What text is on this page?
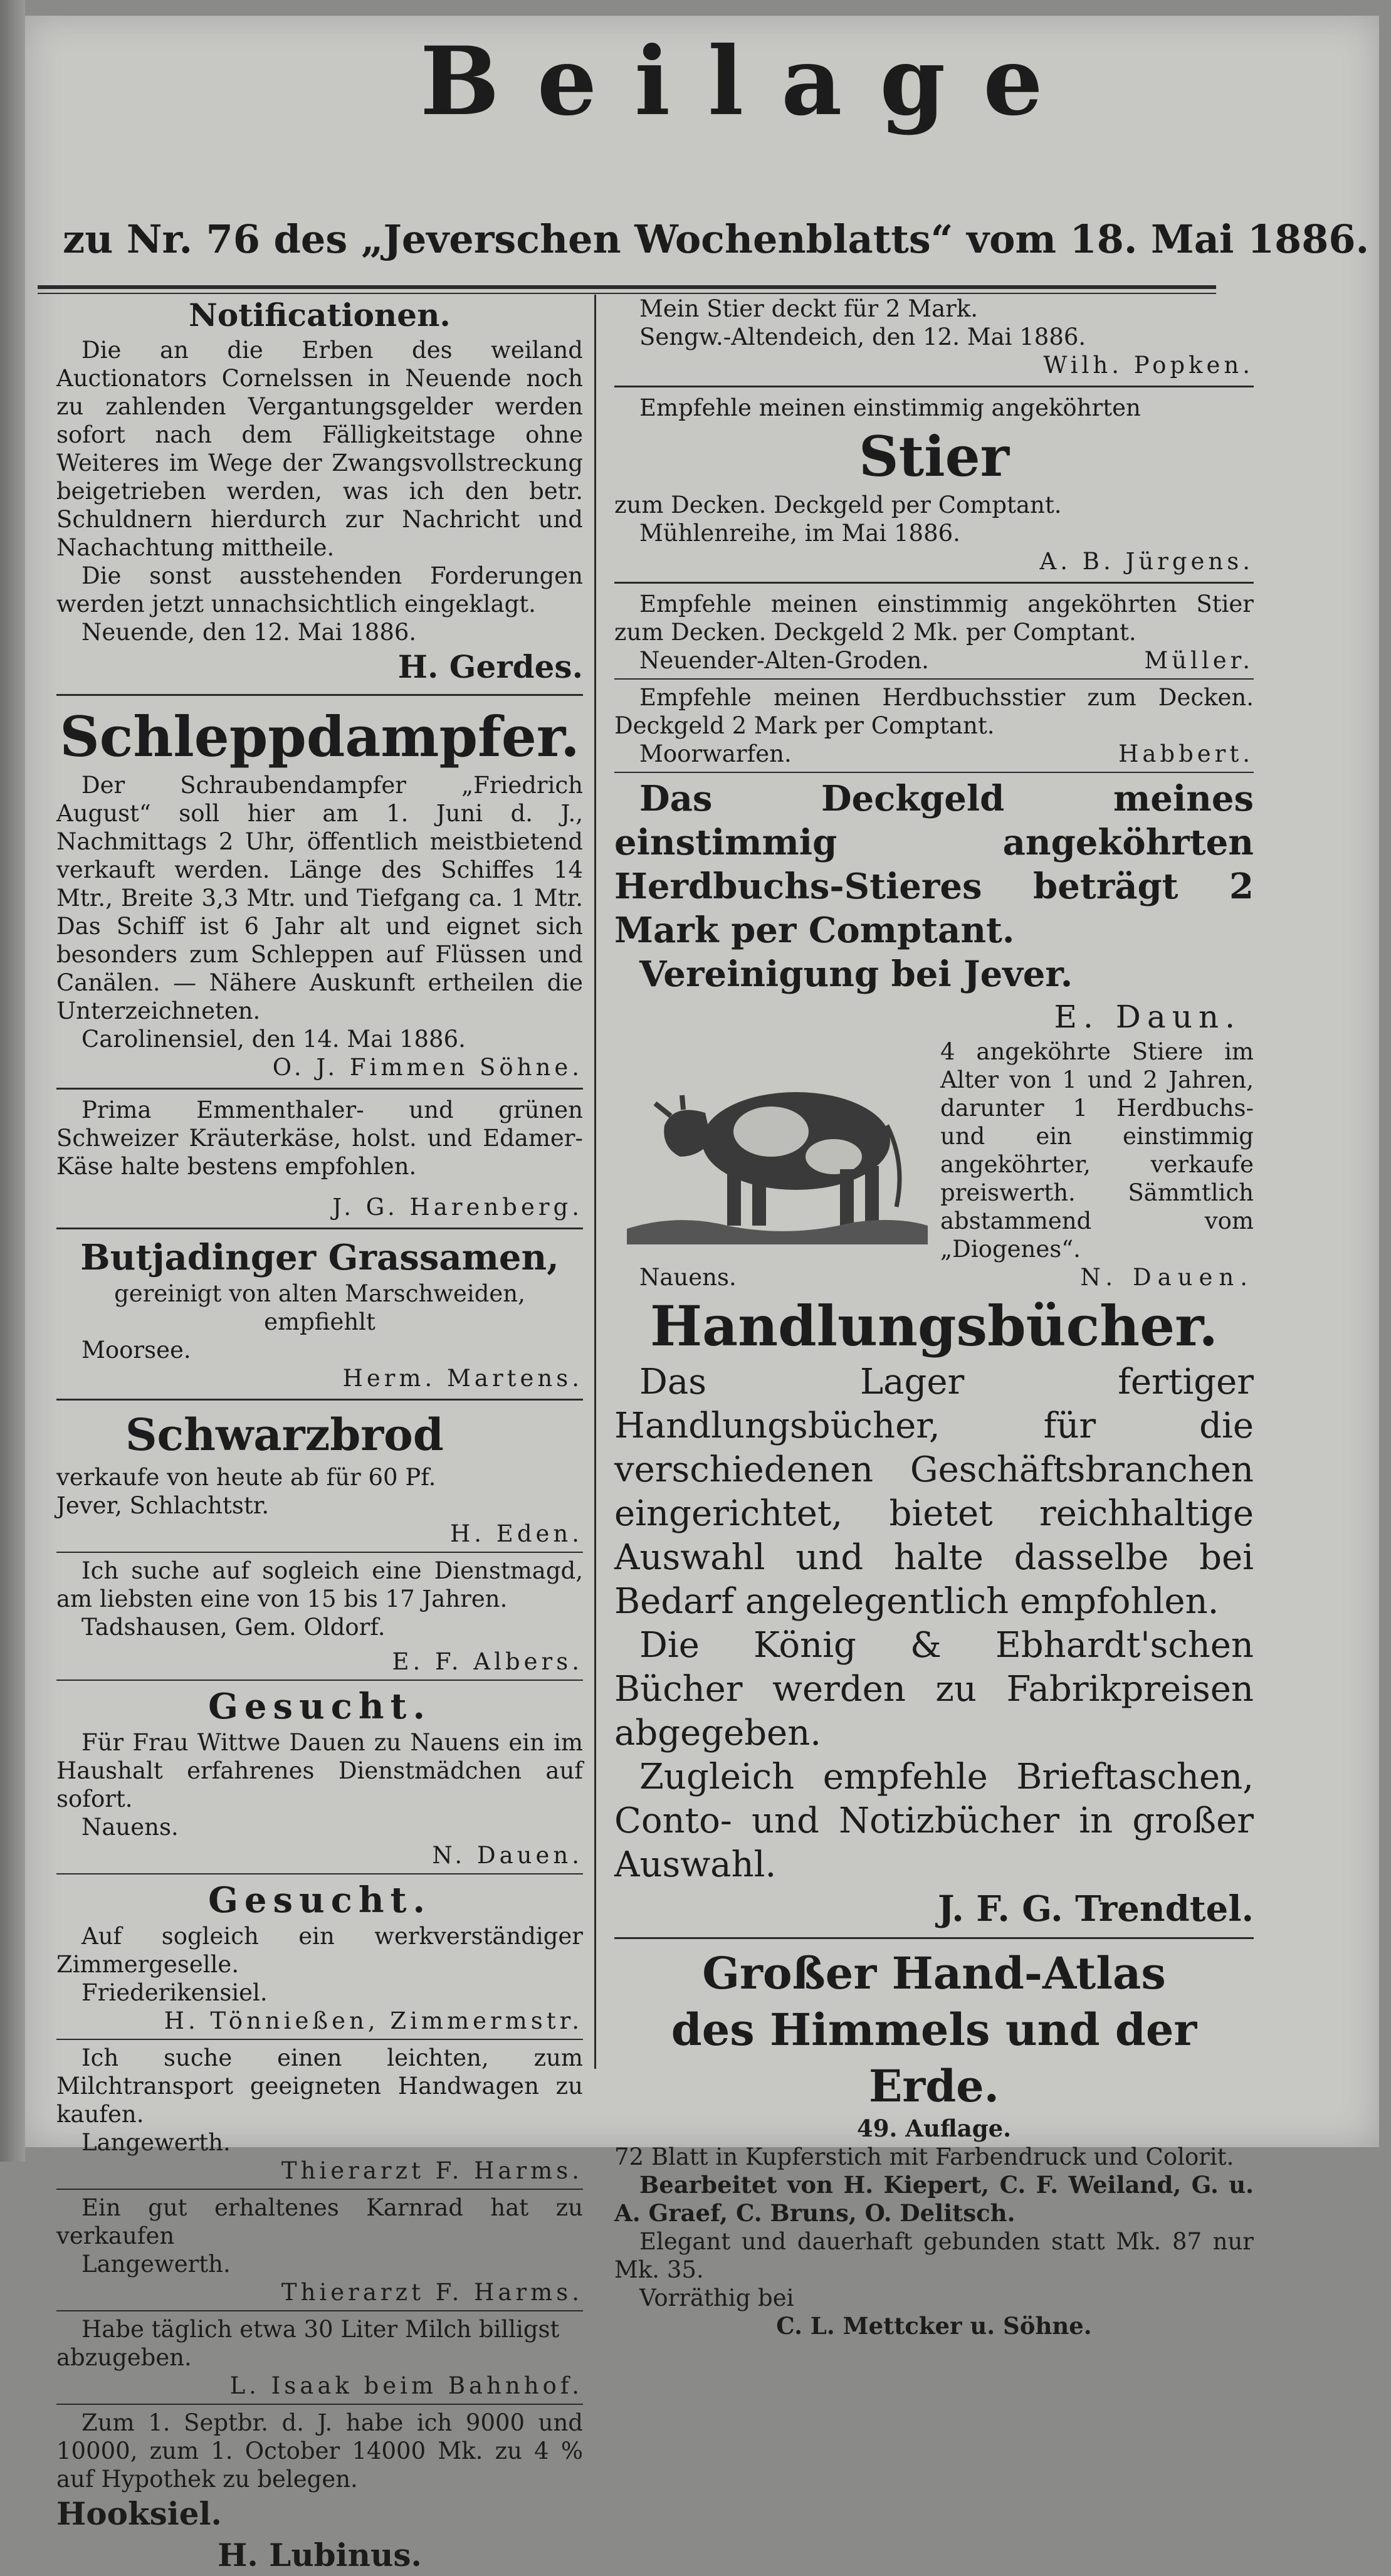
Beilage
zu Nr. 76 des „Jeverschen Wochenblatts“ vom 18. Mai 1886.
Notificationen.
Die an die Erben des weiland Auctionators Cornelssen in Neuende noch zu zahlenden Vergantungsgelder werden sofort nach dem Fälligkeitstage ohne Weiteres im Wege der Zwangsvollstreckung beigetrieben werden, was ich den betr. Schuldnern hierdurch zur Nachricht und Nachachtung mittheile.
Die sonst ausstehenden Forderungen werden jetzt unnachsichtlich eingeklagt.
Neuende, den 12. Mai 1886.
H. Gerdes.
Schleppdampfer.
Der Schraubendampfer „Friedrich August“ soll hier am 1. Juni d. J., Nachmittags 2 Uhr, öffentlich meistbietend verkauft werden. Länge des Schiffes 14 Mtr., Breite 3,3 Mtr. und Tiefgang ca. 1 Mtr. Das Schiff ist 6 Jahr alt und eignet sich besonders zum Schleppen auf Flüssen und Canälen. — Nähere Auskunft ertheilen die Unterzeichneten.
Carolinensiel, den 14. Mai 1886.
O. J. Fimmen Söhne.
Prima Emmenthaler- und grünen Schweizer Kräuterkäse, holst. und Edamer-Käse halte bestens empfohlen.
J. G. Harenberg.
Butjadinger Grassamen,
gereinigt von alten Marschweiden, empfiehlt
Moorsee.
Herm. Martens.
Schwarzbrod
verkaufe von heute ab für 60 Pf.
Jever, Schlachtstr.
H. Eden.
Ich suche auf sogleich eine Dienstmagd, am liebsten eine von 15 bis 17 Jahren.
Tadshausen, Gem. Oldorf.
E. F. Albers.
Gesucht.
Für Frau Wittwe Dauen zu Nauens ein im Haushalt erfahrenes Dienstmädchen auf sofort.
Nauens.
N. Dauen.
Gesucht.
Auf sogleich ein werkverständiger Zimmergeselle.
Friederikensiel.
H. Tönnießen, Zimmermstr.
Ich suche einen leichten, zum Milchtransport geeigneten Handwagen zu kaufen.
Langewerth.
Thierarzt F. Harms.
Ein gut erhaltenes Karnrad hat zu verkaufen
Langewerth.
Thierarzt F. Harms.
Habe täglich etwa 30 Liter Milch billigst abzugeben.
L. Isaak beim Bahnhof.
Zum 1. Septbr. d. J. habe ich 9000 und 10000, zum 1. October 14000 Mk. zu 4 % auf Hypothek zu belegen.
Hooksiel.
H. Lubinus.
Mein Stier deckt für 2 Mark.
Sengw.-Altendeich, den 12. Mai 1886.
Wilh. Popken.
Empfehle meinen einstimmig angeköhrten
Stier
zum Decken. Deckgeld per Comptant.
Mühlenreihe, im Mai 1886.
A. B. Jürgens.
Empfehle meinen einstimmig angeköhrten Stier zum Decken. Deckgeld 2 Mk. per Comptant.
Neuender-Alten-Groden.	Müller.
Empfehle meinen Herdbuchsstier zum Decken. Deckgeld 2 Mark per Comptant.
Moorwarfen.	Habbert.
Das Deckgeld meines einstimmig angeköhrten Herdbuchs-Stieres beträgt 2 Mark per Comptant.
Vereinigung bei Jever.
E. Daun.
4 angeköhrte Stiere im Alter von 1 und 2 Jahren, darunter 1 Herdbuchs- und ein einstimmig angeköhrter, verkaufe preiswerth. Sämmtlich abstammend vom „Diogenes“.
Nauens.	N. Dauen.
Handlungsbücher.
Das Lager fertiger Handlungsbücher, für die verschiedenen Geschäftsbranchen eingerichtet, bietet reichhaltige Auswahl und halte dasselbe bei Bedarf angelegentlich empfohlen.
Die König & Ebhardt'schen Bücher werden zu Fabrikpreisen abgegeben.
Zugleich empfehle Brieftaschen, Conto- und Notizbücher in großer Auswahl.
J. F. G. Trendtel.
Großer Hand-Atlas
des Himmels und der Erde.
49. Auflage.
72 Blatt in Kupferstich mit Farbendruck und Colorit.
Bearbeitet von H. Kiepert, C. F. Weiland, G. u. A. Graef, C. Bruns, O. Delitsch.
Elegant und dauerhaft gebunden statt Mk. 87 nur Mk. 35.
Vorräthig bei
C. L. Mettcker u. Söhne.
